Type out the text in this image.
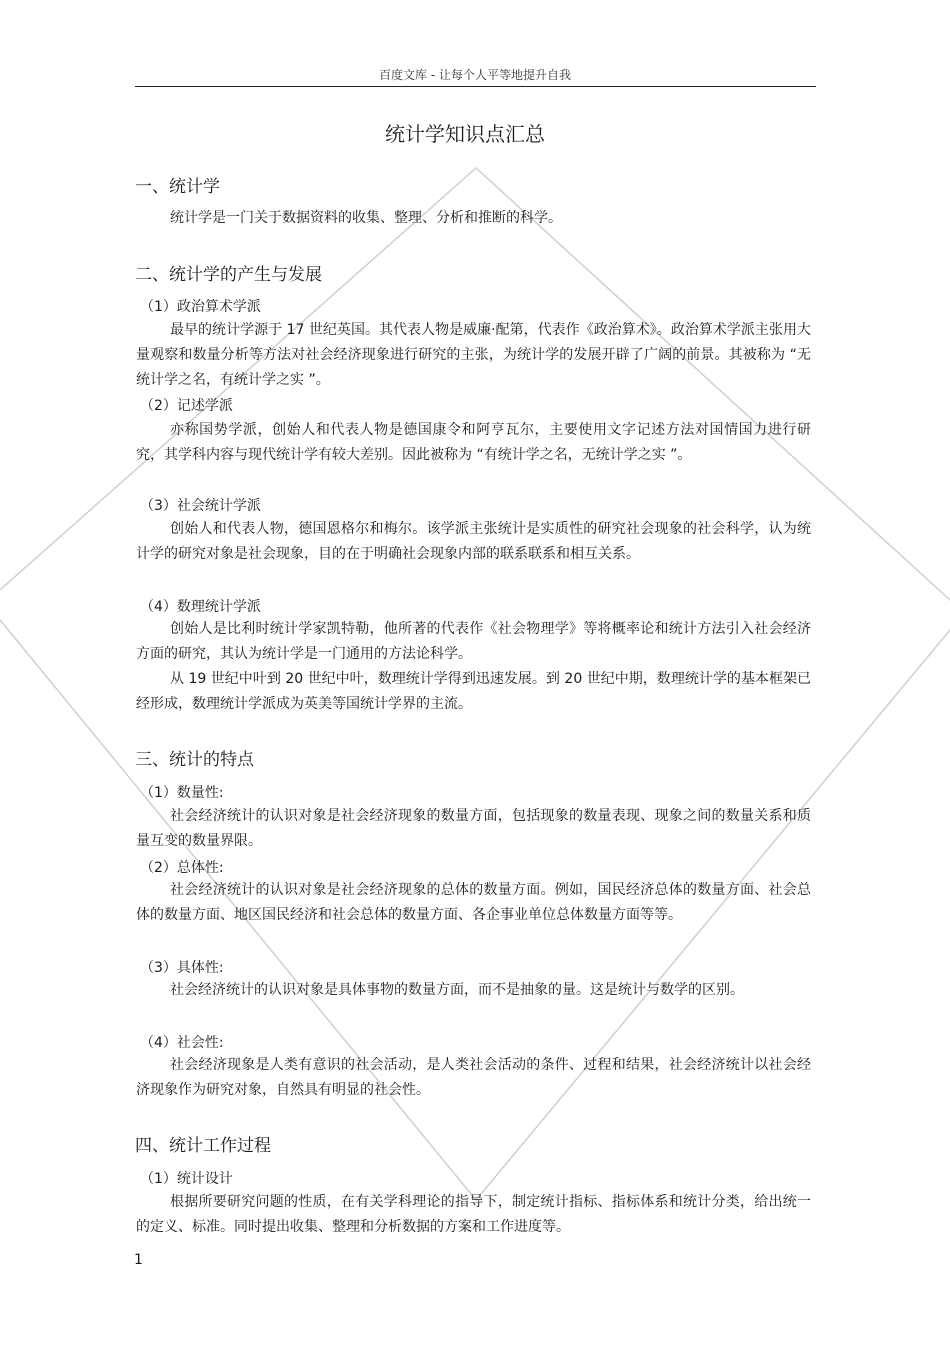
百度文库 - 让每个人平等地提升自我
统计学知识点汇总
一、统计学
统计学是一门关于数据资料的收集、整理、分析和推断的科学。
二、统计学的产生与发展
（1）政治算术学派
最早的统计学源于 17 世纪英国。其代表人物是威廉·配第，代表作《政治算术》。政治算术学派主张用大量观察和数量分析等方法对社会经济现象进行研究的主张，为统计学的发展开辟了广阔的前景。其被称为 “无统计学之名，有统计学之实 ”。
（2）记述学派
亦称国势学派，创始人和代表人物是德国康令和阿亨瓦尔，主要使用文字记述方法对国情国力进行研究，其学科内容与现代统计学有较大差别。因此被称为 “有统计学之名，无统计学之实 ”。
（3）社会统计学派
创始人和代表人物，德国恩格尔和梅尔。该学派主张统计是实质性的研究社会现象的社会科学，认为统计学的研究对象是社会现象，目的在于明确社会现象内部的联系联系和相互关系。
（4）数理统计学派
创始人是比利时统计学家凯特勒，他所著的代表作《社会物理学》等将概率论和统计方法引入社会经济方面的研究，其认为统计学是一门通用的方法论科学。
从 19 世纪中叶到 20 世纪中叶，数理统计学得到迅速发展。到 20 世纪中期，数理统计学的基本框架已经形成，数理统计学派成为英美等国统计学界的主流。
三、统计的特点
（1）数量性:
社会经济统计的认识对象是社会经济现象的数量方面，包括现象的数量表现、现象之间的数量关系和质量互变的数量界限。
（2）总体性:
社会经济统计的认识对象是社会经济现象的总体的数量方面。例如，国民经济总体的数量方面、社会总体的数量方面、地区国民经济和社会总体的数量方面、各企事业单位总体数量方面等等。
（3）具体性:
社会经济统计的认识对象是具体事物的数量方面，而不是抽象的量。这是统计与数学的区别。
（4）社会性:
社会经济现象是人类有意识的社会活动，是人类社会活动的条件、过程和结果，社会经济统计以社会经济现象作为研究对象，自然具有明显的社会性。
四、统计工作过程
（1）统计设计
根据所要研究问题的性质，在有关学科理论的指导下，制定统计指标、指标体系和统计分类，给出统一的定义、标准。同时提出收集、整理和分析数据的方案和工作进度等。
1
